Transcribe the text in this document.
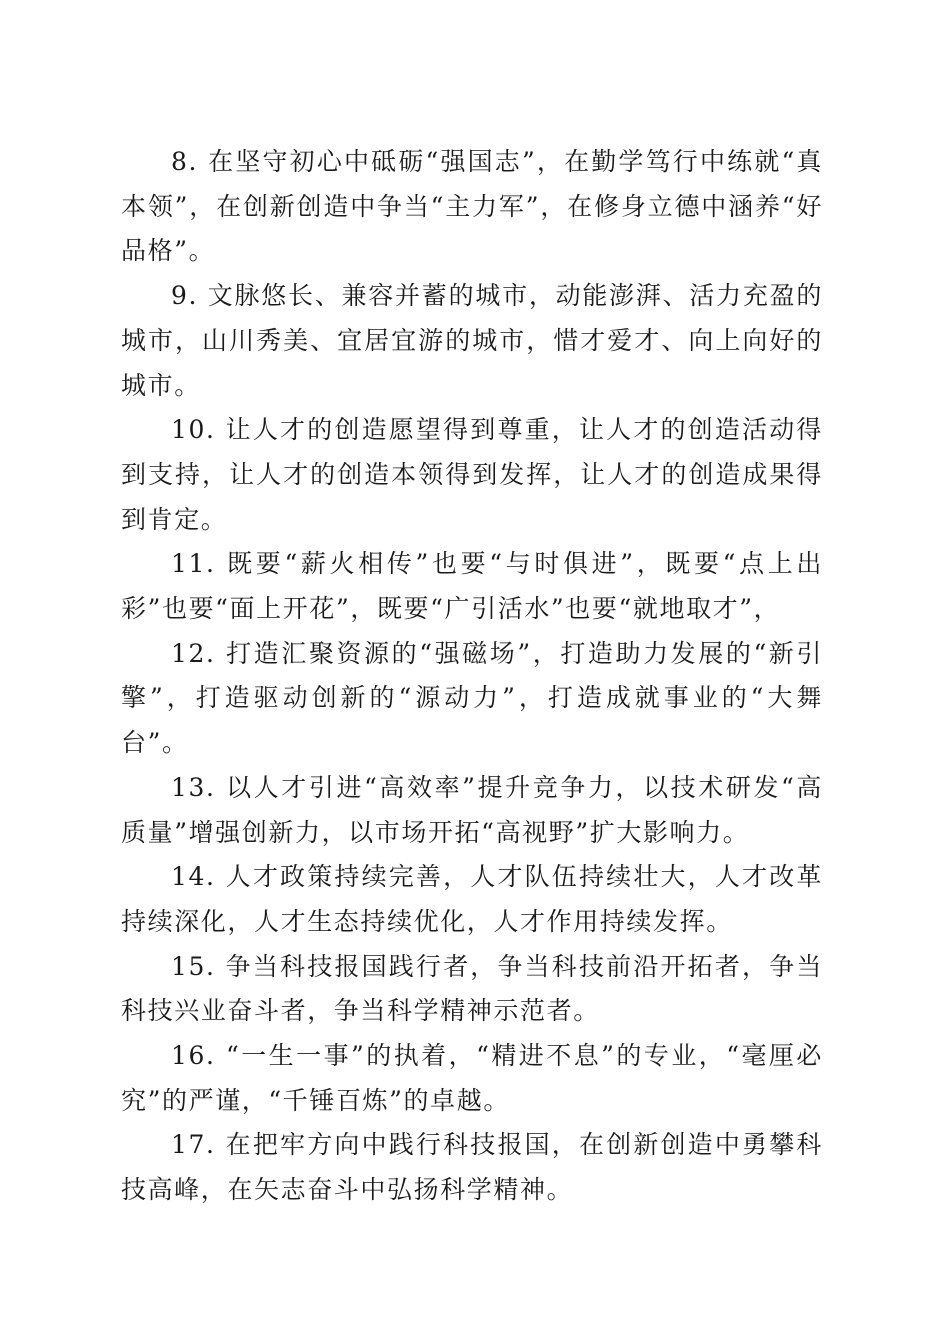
8. 在坚守初心中砥砺“强国志”，在勤学笃行中练就“真本领”，在创新创造中争当“主力军”，在修身立德中涵养“好品格”。

9. 文脉悠长、兼容并蓄的城市，动能澎湃、活力充盈的城市，山川秀美、宜居宜游的城市，惜才爱才、向上向好的城市。

10. 让人才的创造愿望得到尊重，让人才的创造活动得到支持，让人才的创造本领得到发挥，让人才的创造成果得到肯定。

11. 既要“薪火相传”也要“与时俱进”，既要“点上出彩”也要“面上开花”，既要“广引活水”也要“就地取才”，

12. 打造汇聚资源的“强磁场”，打造助力发展的“新引擎”，打造驱动创新的“源动力”，打造成就事业的“大舞台”。

13. 以人才引进“高效率”提升竞争力，以技术研发“高质量”增强创新力，以市场开拓“高视野”扩大影响力。

14. 人才政策持续完善，人才队伍持续壮大，人才改革持续深化，人才生态持续优化，人才作用持续发挥。

15. 争当科技报国践行者，争当科技前沿开拓者，争当科技兴业奋斗者，争当科学精神示范者。

16. “一生一事”的执着，“精进不息”的专业，“毫厘必究”的严谨，“千锤百炼”的卓越。

17. 在把牢方向中践行科技报国，在创新创造中勇攀科技高峰，在矢志奋斗中弘扬科学精神。
